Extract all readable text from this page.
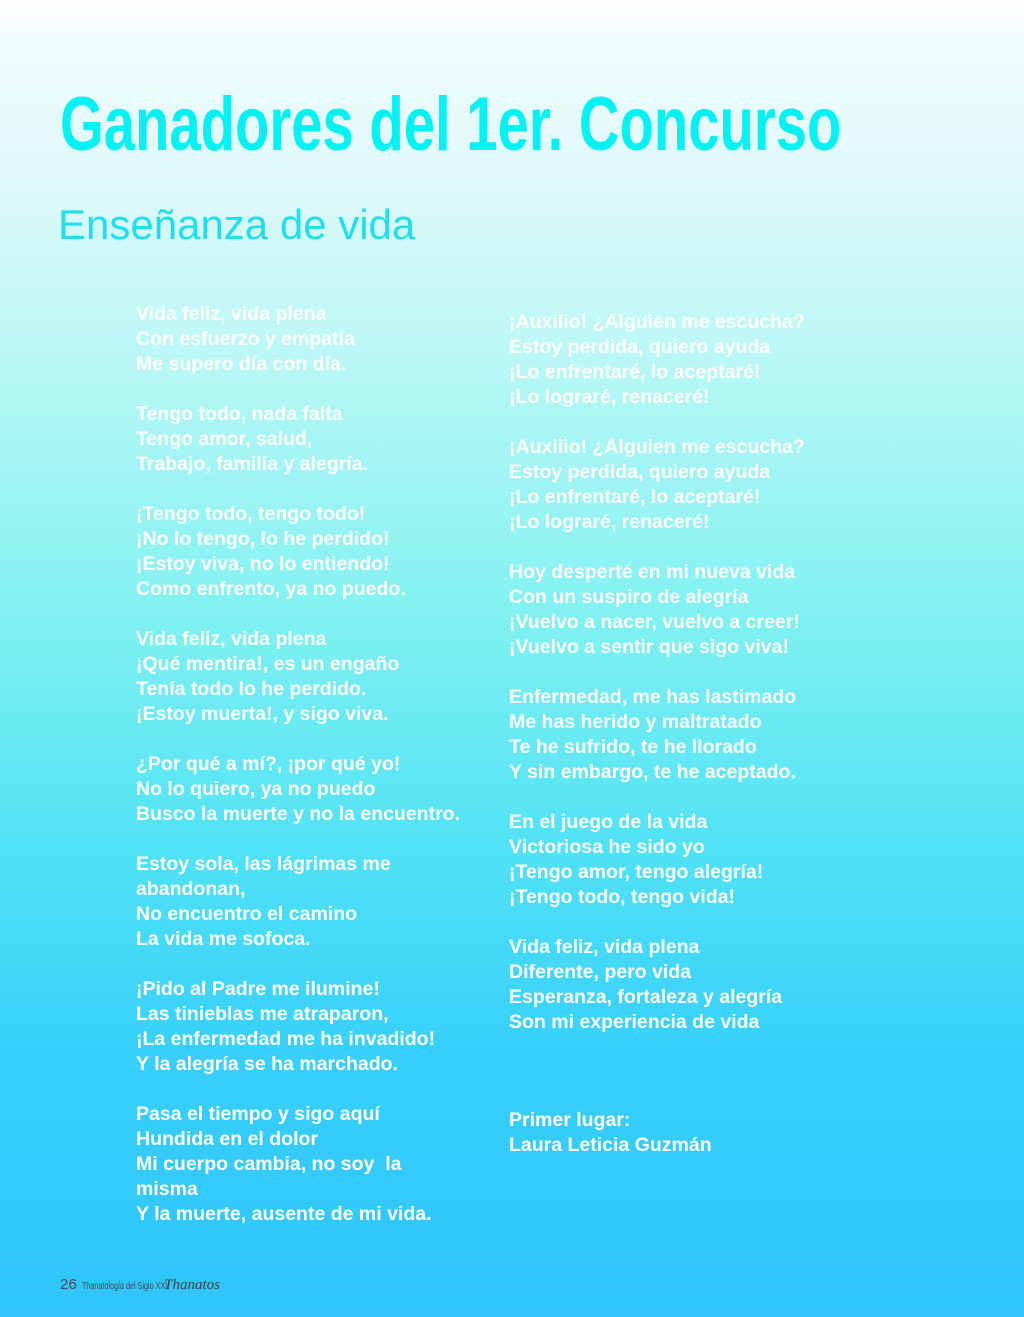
Ganadores del 1er. Concurso
Enseñanza de vida

Vida feliz, vida plena
Con esfuerzo y empatía
Me supero día con día.

Tengo todo, nada falta
Tengo amor, salud,
Trabajo, familia y alegría.

¡Tengo todo, tengo todo!
¡No lo tengo, lo he perdido!
¡Estoy viva, no lo entiendo!
Como enfrento, ya no puedo.

Vida feliz, vida plena
¡Qué mentira!, es un engaño
Tenía todo lo he perdido.
¡Estoy muerta!, y sigo viva.

¿Por qué a mí?, ¡por qué yo!
No lo quiero, ya no puedo
Busco la muerte y no la encuentro.

Estoy sola, las lágrimas me abandonan,
No encuentro el camino
La vida me sofoca.

¡Pido al Padre me ilumine!
Las tinieblas me atraparon,
¡La enfermedad me ha invadido!
Y la alegría se ha marchado.

Pasa el tiempo y sigo aquí
Hundida en el dolor
Mi cuerpo cambia, no soy  la misma
Y la muerte, ausente de mi vida.

¡Auxilio! ¿Alguien me escucha?
Estoy perdida, quiero ayuda
¡Lo enfrentaré, lo aceptaré!
¡Lo lograré, renaceré!

¡Auxilio! ¿Alguien me escucha?
Estoy perdida, quiero ayuda
¡Lo enfrentaré, lo aceptaré!
¡Lo lograré, renaceré!

Hoy desperté en mi nueva vida
Con un suspiro de alegría
¡Vuelvo a nacer, vuelvo a creer!
¡Vuelvo a sentir que sigo viva!

Enfermedad, me has lastimado
Me has herido y maltratado
Te he sufrido, te he llorado
Y sin embargo, te he aceptado.

En el juego de la vida
Victoriosa he sido yo
¡Tengo amor, tengo alegría!
¡Tengo todo, tengo vida!

Vida feliz, vida plena
Diferente, pero vida
Esperanza, fortaleza y alegría
Son mi experiencia de vida

Primer lugar:
Laura Leticia Guzmán
26 Thanatología del Siglo XXI
Thanatos
